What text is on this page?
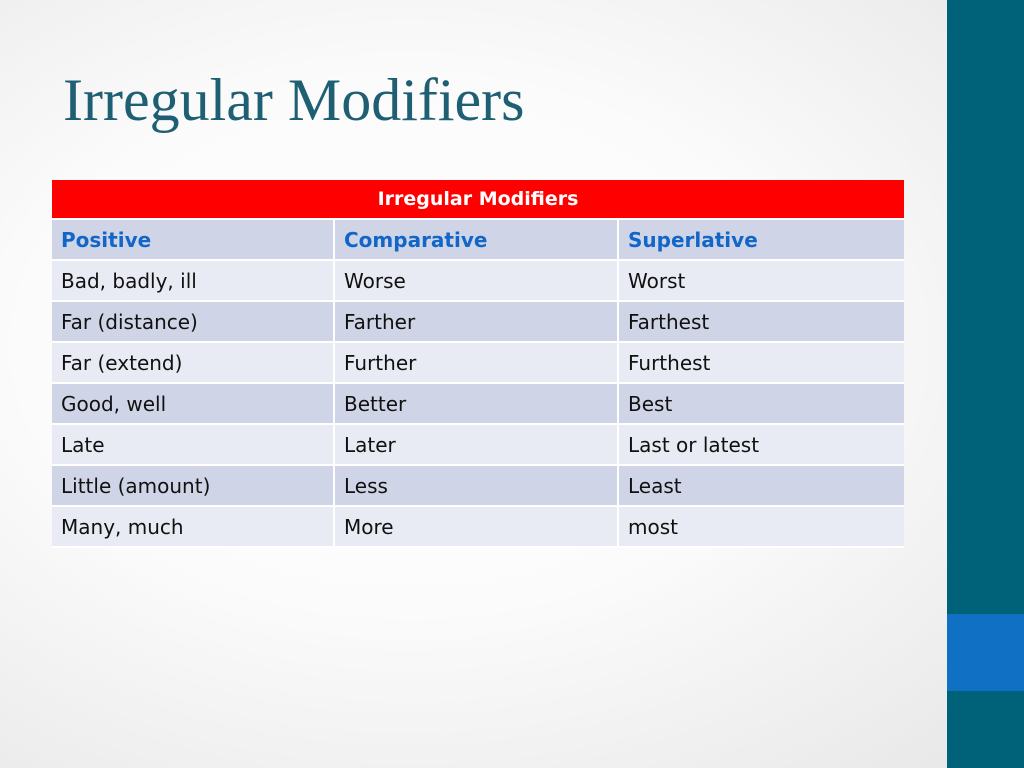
Irregular Modifiers
Irregular Modifiers		
Positive	Comparative	Superlative
Bad, badly, ill	Worse	Worst
Far (distance)	Farther	Farthest
Far (extend)	Further	Furthest
Good, well	Better	Best
Late	Later	Last or latest
Little (amount)	Less	Least
Many, much	More	most
